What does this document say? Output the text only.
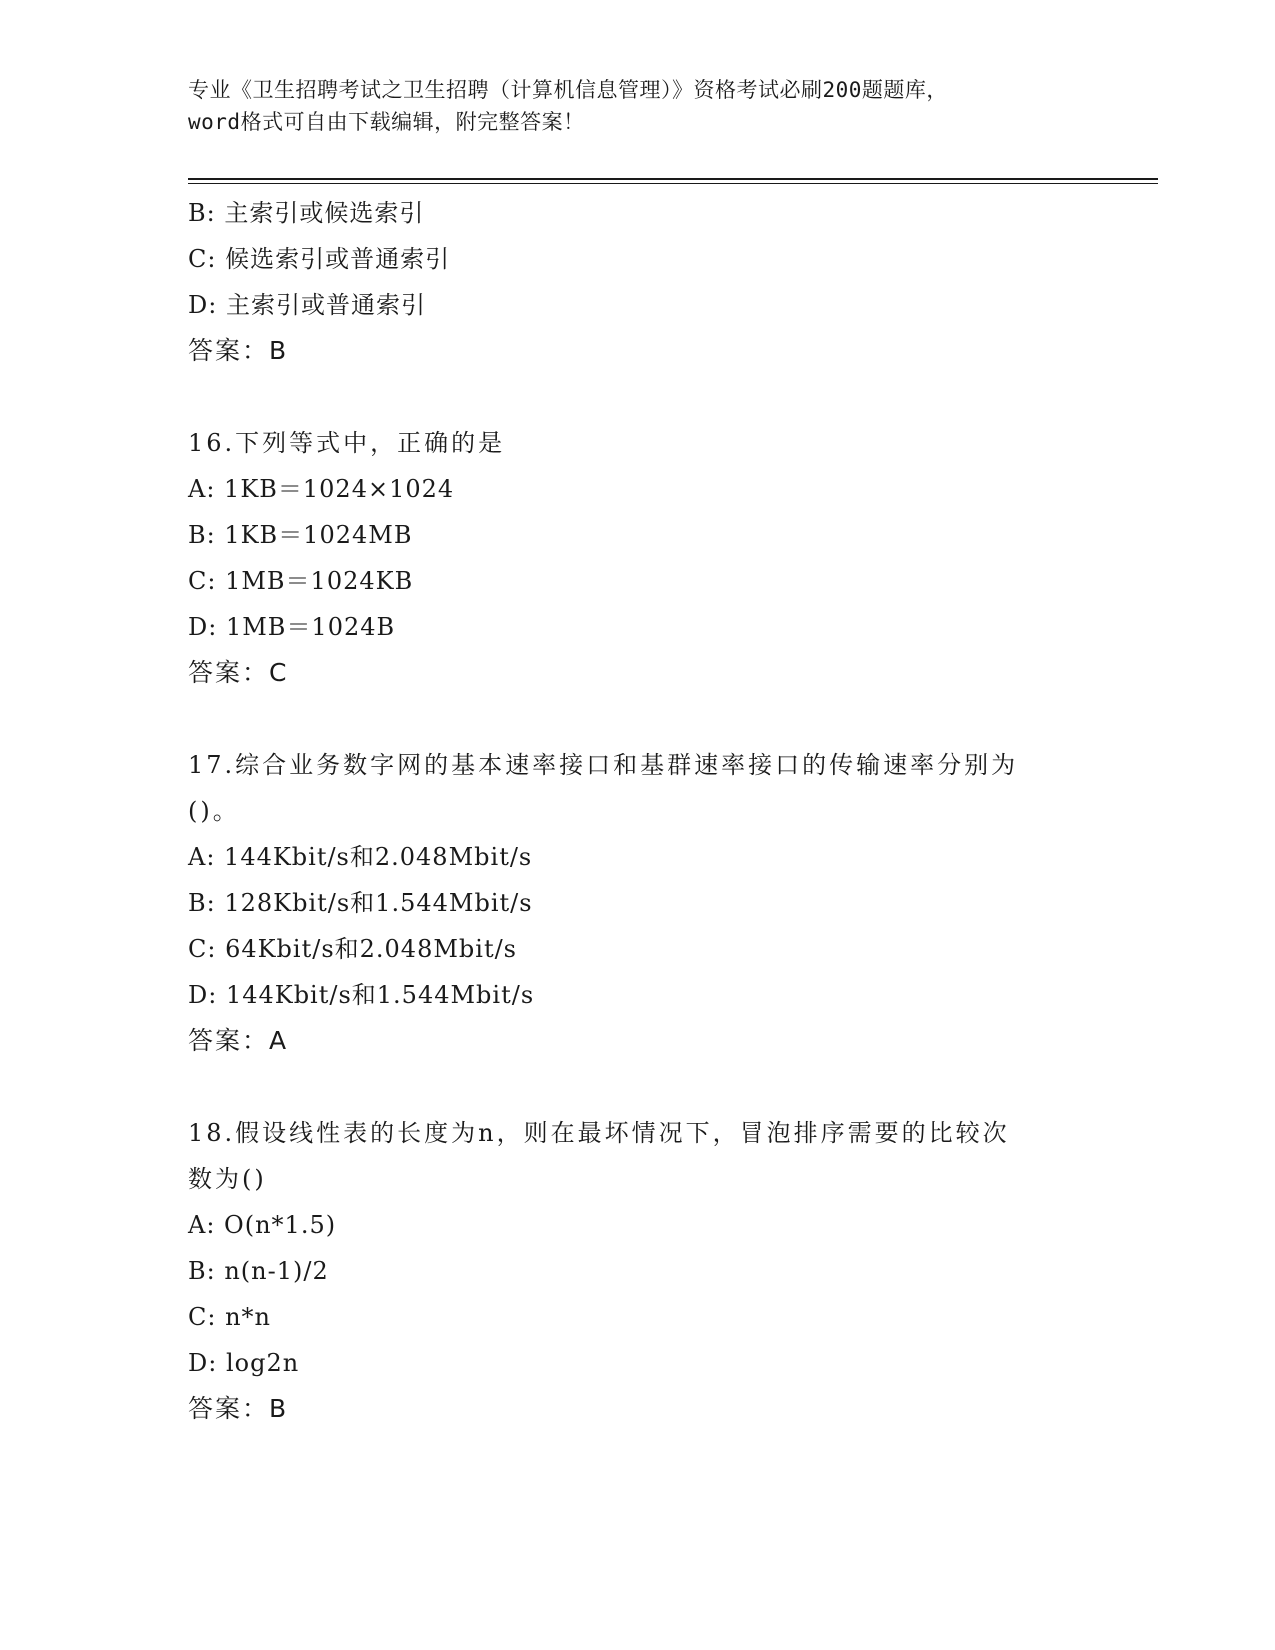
专业《卫生招聘考试之卫生招聘（计算机信息管理）》资格考试必刷200题题库，
word格式可自由下载编辑，附完整答案！
B: 主索引或候选索引
C: 候选索引或普通索引
D: 主索引或普通索引
答案：B
16.下列等式中，正确的是
A: 1KB＝1024×1024
B: 1KB＝1024MB
C: 1MB＝1024KB
D: 1MB＝1024B
答案：C
17.综合业务数字网的基本速率接口和基群速率接口的传输速率分别为
()。
A: 144Kbit/s和2.048Mbit/s
B: 128Kbit/s和1.544Mbit/s
C: 64Kbit/s和2.048Mbit/s
D: 144Kbit/s和1.544Mbit/s
答案：A
18.假设线性表的长度为n，则在最坏情况下，冒泡排序需要的比较次
数为()
A: O(n*1.5)
B: n(n-1)/2
C: n*n
D: log2n
答案：B
